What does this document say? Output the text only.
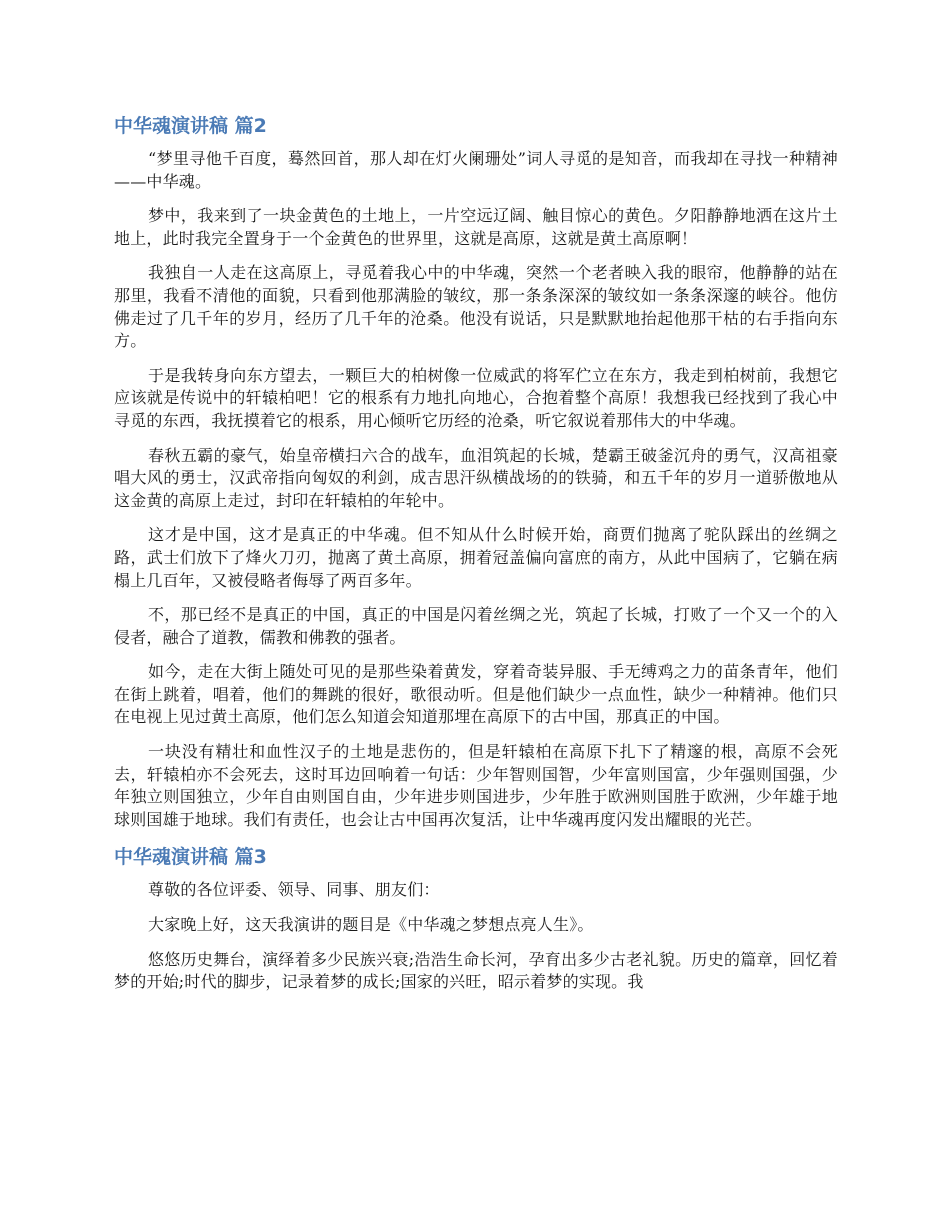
中华魂演讲稿 篇2

“梦里寻他千百度，蓦然回首，那人却在灯火阑珊处”词人寻觅的是知音，而我却在寻找一种精神——中华魂。

梦中，我来到了一块金黄色的土地上，一片空远辽阔、触目惊心的黄色。夕阳静静地洒在这片土地上，此时我完全置身于一个金黄色的世界里，这就是高原，这就是黄土高原啊！

我独自一人走在这高原上，寻觅着我心中的中华魂，突然一个老者映入我的眼帘，他静静的站在那里，我看不清他的面貌，只看到他那满脸的皱纹，那一条条深深的皱纹如一条条深邃的峡谷。他仿佛走过了几千年的岁月，经历了几千年的沧桑。他没有说话，只是默默地抬起他那干枯的右手指向东方。

于是我转身向东方望去，一颗巨大的柏树像一位威武的将军伫立在东方，我走到柏树前，我想它应该就是传说中的轩辕柏吧！它的根系有力地扎向地心，合抱着整个高原！我想我已经找到了我心中寻觅的东西，我抚摸着它的根系，用心倾听它历经的沧桑，听它叙说着那伟大的中华魂。

春秋五霸的豪气，始皇帝横扫六合的战车，血泪筑起的长城，楚霸王破釜沉舟的勇气，汉高祖豪唱大风的勇士，汉武帝指向匈奴的利剑，成吉思汗纵横战场的的铁骑，和五千年的岁月一道骄傲地从这金黄的高原上走过，封印在轩辕柏的年轮中。

这才是中国，这才是真正的中华魂。但不知从什么时候开始，商贾们抛离了驼队踩出的丝绸之路，武士们放下了烽火刀刃，抛离了黄土高原，拥着冠盖偏向富庶的南方，从此中国病了，它躺在病榻上几百年，又被侵略者侮辱了两百多年。

不，那已经不是真正的中国，真正的中国是闪着丝绸之光，筑起了长城，打败了一个又一个的入侵者，融合了道教，儒教和佛教的强者。

如今，走在大街上随处可见的是那些染着黄发，穿着奇装异服、手无缚鸡之力的苗条青年，他们在街上跳着，唱着，他们的舞跳的很好，歌很动听。但是他们缺少一点血性，缺少一种精神。他们只在电视上见过黄土高原，他们怎么知道会知道那埋在高原下的古中国，那真正的中国。

一块没有精壮和血性汉子的土地是悲伤的，但是轩辕柏在高原下扎下了精邃的根，高原不会死去，轩辕柏亦不会死去，这时耳边回响着一句话：少年智则国智，少年富则国富，少年强则国强，少年独立则国独立，少年自由则国自由，少年进步则国进步，少年胜于欧洲则国胜于欧洲，少年雄于地球则国雄于地球。我们有责任，也会让古中国再次复活，让中华魂再度闪发出耀眼的光芒。

中华魂演讲稿 篇3

尊敬的各位评委、领导、同事、朋友们：

大家晚上好，这天我演讲的题目是《中华魂之梦想点亮人生》。

悠悠历史舞台，演绎着多少民族兴衰;浩浩生命长河，孕育出多少古老礼貌。历史的篇章，回忆着梦的开始;时代的脚步，记录着梦的成长;国家的兴旺，昭示着梦的实现。我
